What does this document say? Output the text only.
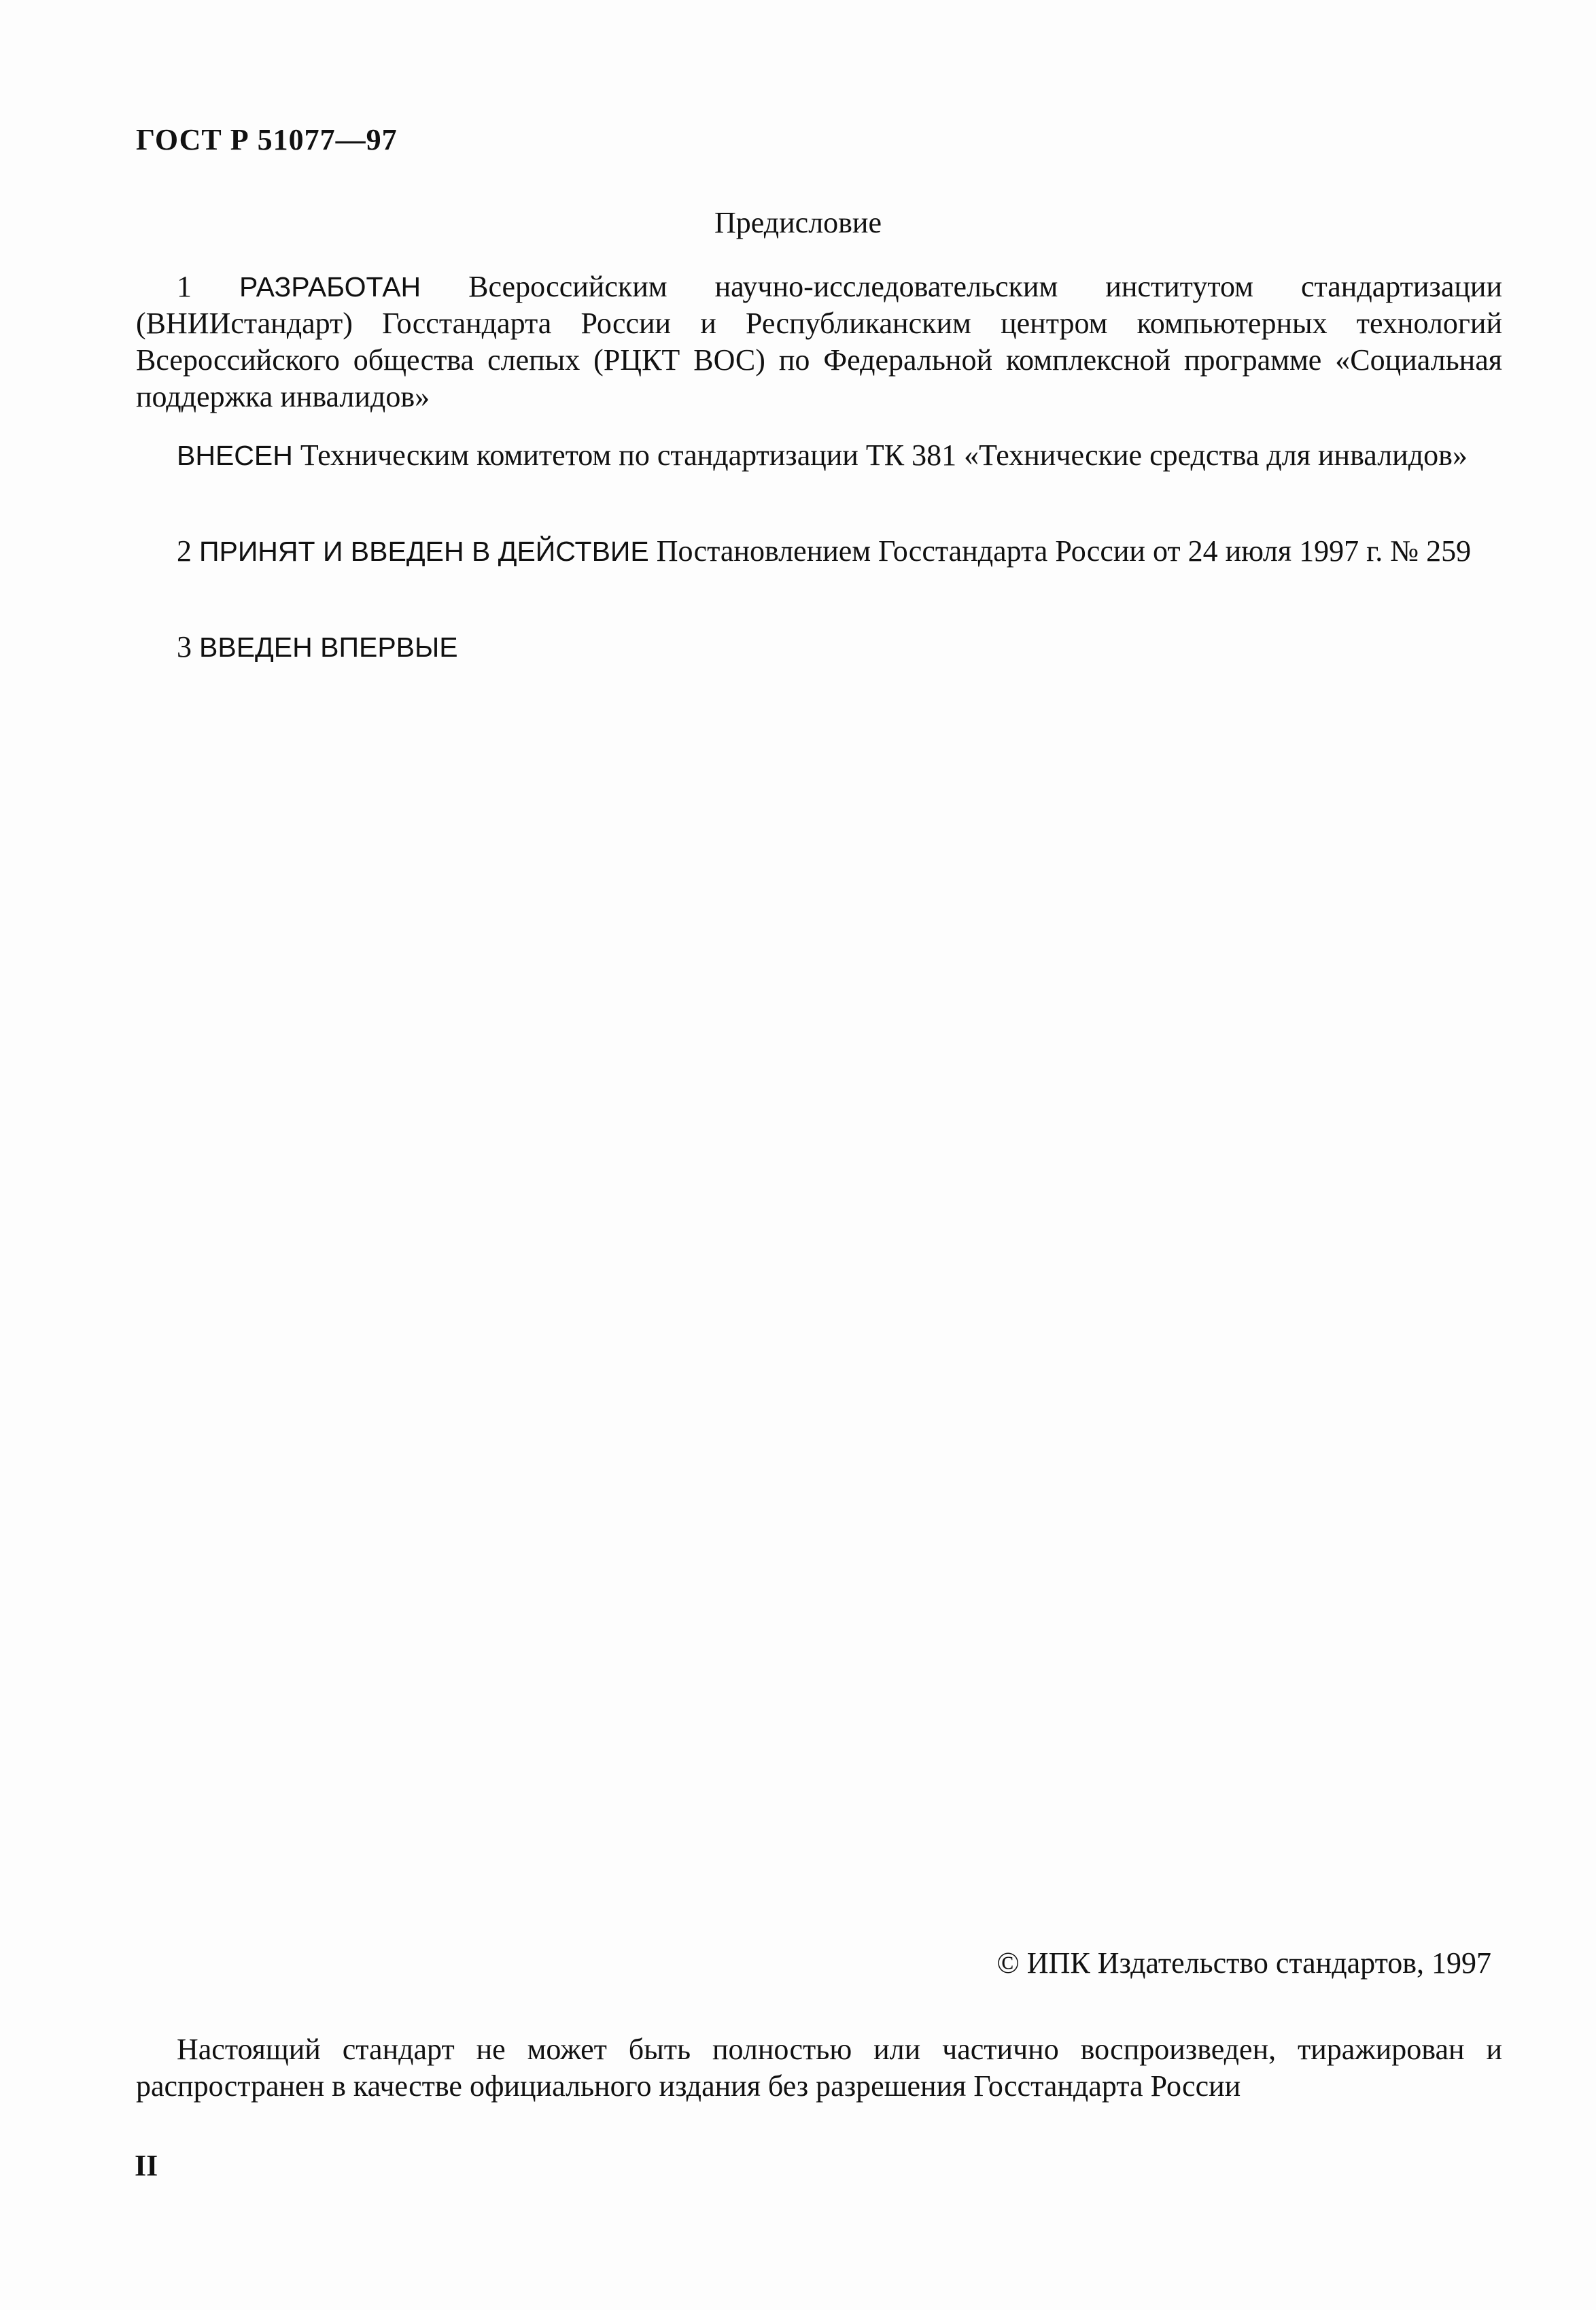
ГОСТ Р 51077—97
Предисловие
1 РАЗРАБОТАН Всероссийским научно-исследовательским институтом стандартизации (ВНИИстандарт) Госстандарта России и Республиканским центром компьютерных технологий Всероссийского общества слепых (РЦКТ ВОС) по Федеральной комплексной программе «Социальная поддержка инвалидов»
ВНЕСЕН Техническим комитетом по стандартизации ТК 381 «Технические средства для инвалидов»
2 ПРИНЯТ И ВВЕДЕН В ДЕЙСТВИЕ Постановлением Госстандарта России от 24 июля 1997 г. № 259
3 ВВЕДЕН ВПЕРВЫЕ
© ИПК Издательство стандартов, 1997
Настоящий стандарт не может быть полностью или частично воспроизведен, тиражирован и распространен в качестве официального издания без разрешения Госстандарта России
II
